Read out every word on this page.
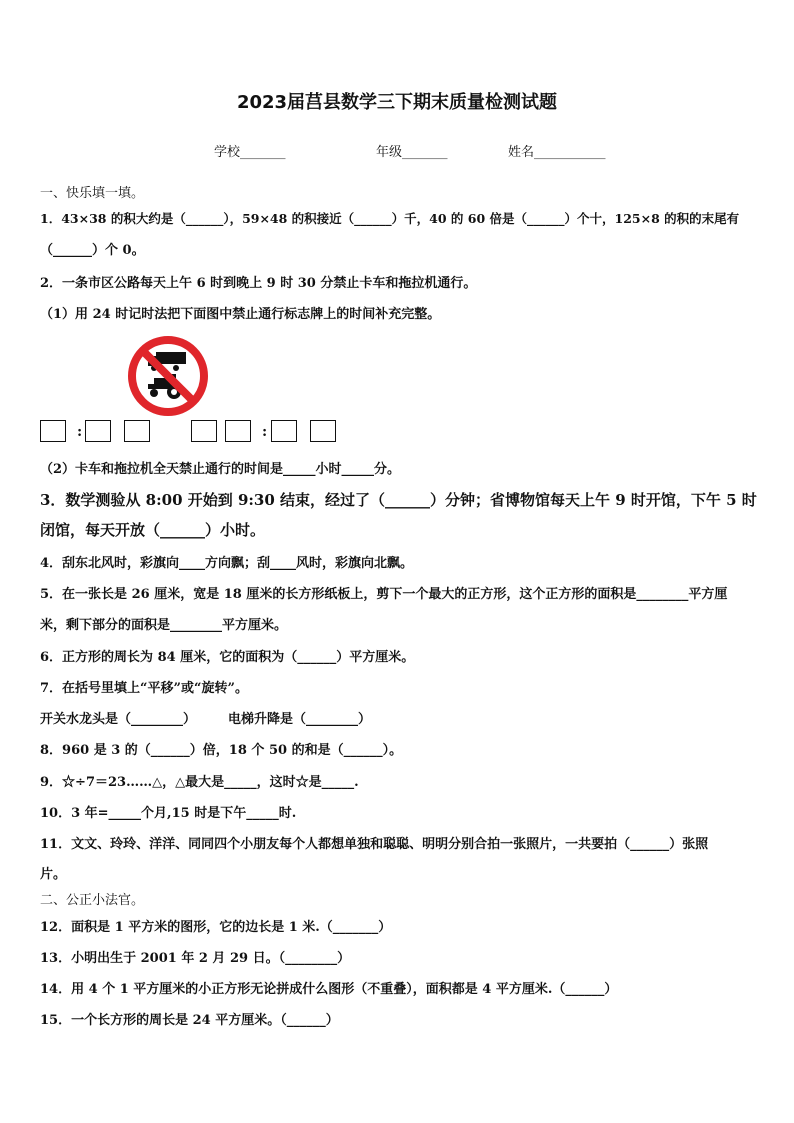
2023届莒县数学三下期末质量检测试题
学校_______	年级_______	姓名___________
一、快乐填一填。
1．43×38 的积大约是（______），59×48 的积接近（______）千，40 的 60 倍是（______）个十，125×8 的积的末尾有
（______）个 0。
2．一条市区公路每天上午 6 时到晚上 9 时 30 分禁止卡车和拖拉机通行。
（1）用 24 时记时法把下面图中禁止通行标志牌上的时间补充完整。
:	:
（2）卡车和拖拉机全天禁止通行的时间是_____小时_____分。
3．数学测验从 8:00 开始到 9:30 结束，经过了（______）分钟；省博物馆每天上午 9 时开馆，下午 5 时
闭馆，每天开放（______）小时。
4．刮东北风时，彩旗向____方向飘；刮____风时，彩旗向北飘。
5．在一张长是 26 厘米，宽是 18 厘米的长方形纸板上，剪下一个最大的正方形，这个正方形的面积是________平方厘
米，剩下部分的面积是________平方厘米。
6．正方形的周长为 84 厘米，它的面积为（______）平方厘米。
7．在括号里填上“平移”或“旋转”。
开关水龙头是（________） 电梯升降是（________）
8．960 是 3 的（______）倍，18 个 50 的和是（______）。
9．☆÷7＝23……△，△最大是_____，这时☆是_____.
10．3 年=_____个月,15 时是下午_____时.
11．文文、玲玲、洋洋、同同四个小朋友每个人都想单独和聪聪、明明分别合拍一张照片，一共要拍（______）张照
片。
二、公正小法官。
12．面积是 1 平方米的图形，它的边长是 1 米.（_______）
13．小明出生于 2001 年 2 月 29 日。（________）
14．用 4 个 1 平方厘米的小正方形无论拼成什么图形（不重叠），面积都是 4 平方厘米.（______）
15．一个长方形的周长是 24 平方厘米。（______）
